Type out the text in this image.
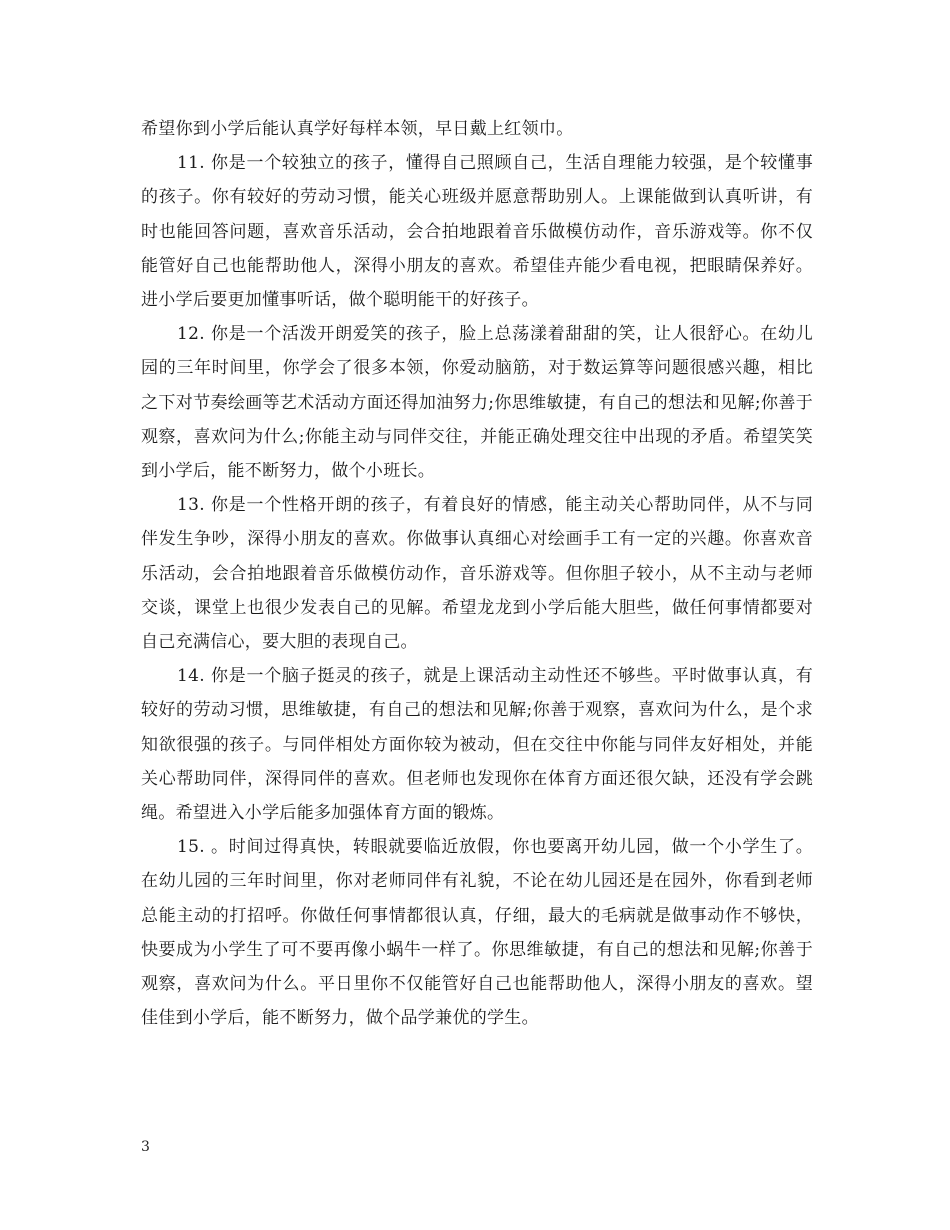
希望你到小学后能认真学好每样本领，早日戴上红领巾。

11. 你是一个较独立的孩子，懂得自己照顾自己，生活自理能力较强，是个较懂事的孩子。你有较好的劳动习惯，能关心班级并愿意帮助别人。上课能做到认真听讲，有时也能回答问题，喜欢音乐活动，会合拍地跟着音乐做模仿动作，音乐游戏等。你不仅能管好自己也能帮助他人，深得小朋友的喜欢。希望佳卉能少看电视，把眼睛保养好。进小学后要更加懂事听话，做个聪明能干的好孩子。

12. 你是一个活泼开朗爱笑的孩子，脸上总荡漾着甜甜的笑，让人很舒心。在幼儿园的三年时间里，你学会了很多本领，你爱动脑筋，对于数运算等问题很感兴趣，相比之下对节奏绘画等艺术活动方面还得加油努力;你思维敏捷，有自己的想法和见解;你善于观察，喜欢问为什么;你能主动与同伴交往，并能正确处理交往中出现的矛盾。希望笑笑到小学后，能不断努力，做个小班长。

13. 你是一个性格开朗的孩子，有着良好的情感，能主动关心帮助同伴，从不与同伴发生争吵，深得小朋友的喜欢。你做事认真细心对绘画手工有一定的兴趣。你喜欢音乐活动，会合拍地跟着音乐做模仿动作，音乐游戏等。但你胆子较小，从不主动与老师交谈，课堂上也很少发表自己的见解。希望龙龙到小学后能大胆些，做任何事情都要对自己充满信心，要大胆的表现自己。

14. 你是一个脑子挺灵的孩子，就是上课活动主动性还不够些。平时做事认真，有较好的劳动习惯，思维敏捷，有自己的想法和见解;你善于观察，喜欢问为什么，是个求知欲很强的孩子。与同伴相处方面你较为被动，但在交往中你能与同伴友好相处，并能关心帮助同伴，深得同伴的喜欢。但老师也发现你在体育方面还很欠缺，还没有学会跳绳。希望进入小学后能多加强体育方面的锻炼。

15. 。时间过得真快，转眼就要临近放假，你也要离开幼儿园，做一个小学生了。在幼儿园的三年时间里，你对老师同伴有礼貌，不论在幼儿园还是在园外，你看到老师总能主动的打招呼。你做任何事情都很认真，仔细，最大的毛病就是做事动作不够快，快要成为小学生了可不要再像小蜗牛一样了。你思维敏捷，有自己的想法和见解;你善于观察，喜欢问为什么。平日里你不仅能管好自己也能帮助他人，深得小朋友的喜欢。望佳佳到小学后，能不断努力，做个品学兼优的学生。

3
